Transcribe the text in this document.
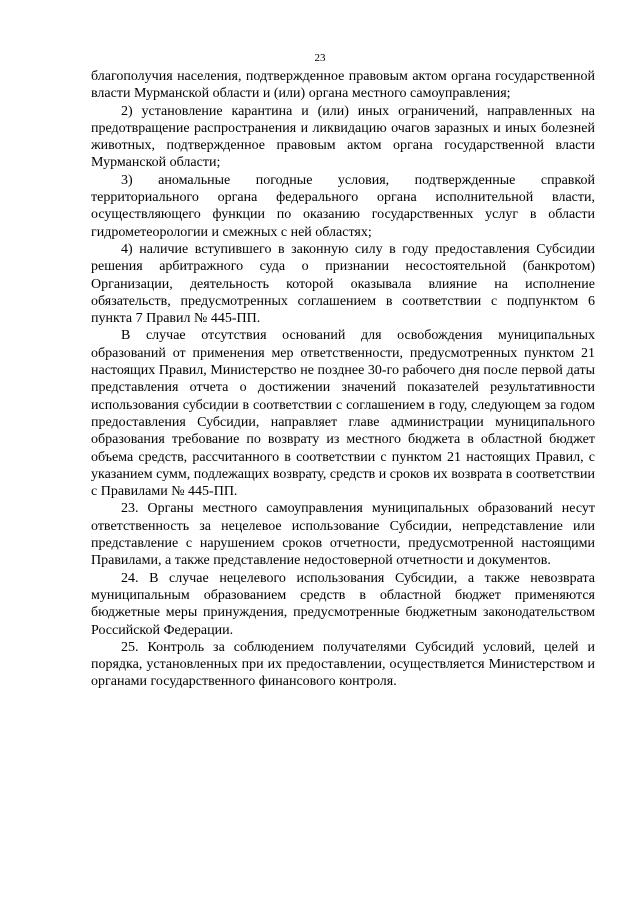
23

благополучия населения, подтвержденное правовым актом органа государственной власти Мурманской области и (или) органа местного самоуправления;

2) установление карантина и (или) иных ограничений, направленных на предотвращение распространения и ликвидацию очагов заразных и иных болезней животных, подтвержденное правовым актом органа государственной власти Мурманской области;

3) аномальные погодные условия, подтвержденные справкой территориального органа федерального органа исполнительной власти, осуществляющего функции по оказанию государственных услуг в области гидрометеорологии и смежных с ней областях;

4) наличие вступившего в законную силу в году предоставления Субсидии решения арбитражного суда о признании несостоятельной (банкротом) Организации, деятельность которой оказывала влияние на исполнение обязательств, предусмотренных соглашением в соответствии с подпунктом 6 пункта 7 Правил № 445-ПП.

В случае отсутствия оснований для освобождения муниципальных образований от применения мер ответственности, предусмотренных пунктом 21 настоящих Правил, Министерство не позднее 30-го рабочего дня после первой даты представления отчета о достижении значений показателей результативности использования субсидии в соответствии с соглашением в году, следующем за годом предоставления Субсидии, направляет главе администрации муниципального образования требование по возврату из местного бюджета в областной бюджет объема средств, рассчитанного в соответствии с пунктом 21 настоящих Правил, с указанием сумм, подлежащих возврату, средств и сроков их возврата в соответствии с Правилами № 445-ПП.

23. Органы местного самоуправления муниципальных образований несут ответственность за нецелевое использование Субсидии, непредставление или представление с нарушением сроков отчетности, предусмотренной настоящими Правилами, а также представление недостоверной отчетности и документов.

24. В случае нецелевого использования Субсидии, а также невозврата муниципальным образованием средств в областной бюджет применяются бюджетные меры принуждения, предусмотренные бюджетным законодательством Российской Федерации.

25. Контроль за соблюдением получателями Субсидий условий, целей и порядка, установленных при их предоставлении, осуществляется Министерством и органами государственного финансового контроля.
